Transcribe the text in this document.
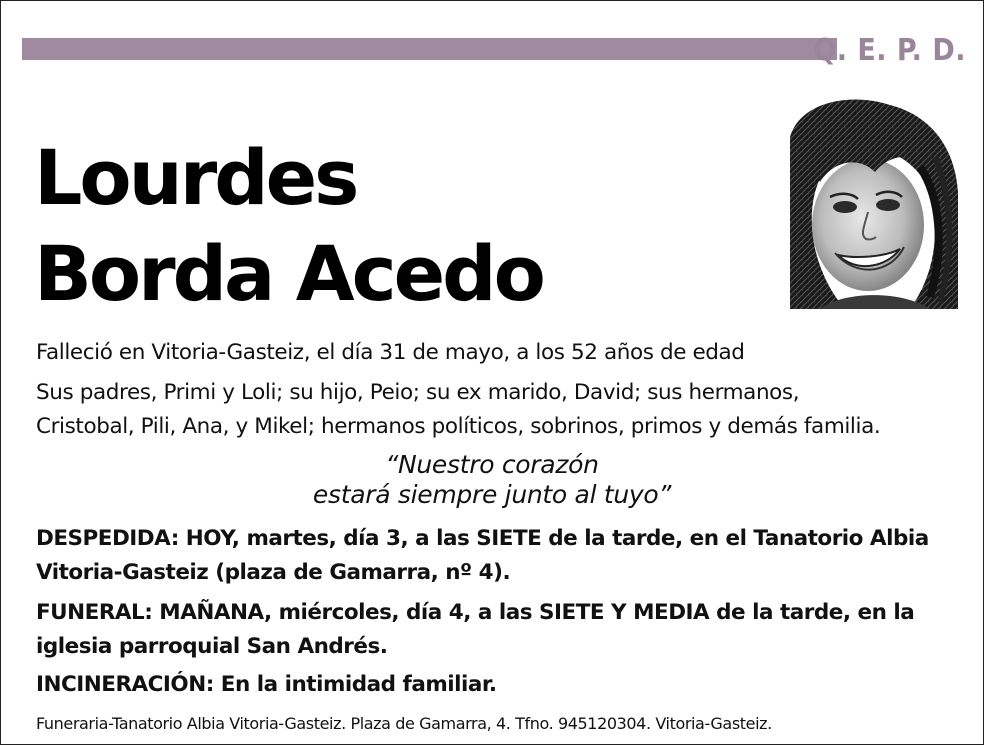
Q. E. P. D.
Lourdes
Borda Acedo
Falleció en Vitoria-Gasteiz, el día 31 de mayo, a los 52 años de edad
Sus padres, Primi y Loli; su hijo, Peio; su ex marido, David; sus hermanos,
Cristobal, Pili, Ana, y Mikel; hermanos políticos, sobrinos, primos y demás familia.
“Nuestro corazón
estará siempre junto al tuyo”
DESPEDIDA: HOY, martes, día 3, a las SIETE de la tarde, en el Tanatorio Albia
Vitoria-Gasteiz (plaza de Gamarra, nº 4).
FUNERAL: MAÑANA, miércoles, día 4, a las SIETE Y MEDIA de la tarde, en la
iglesia parroquial San Andrés.
INCINERACIÓN: En la intimidad familiar.
Funeraria-Tanatorio Albia Vitoria-Gasteiz. Plaza de Gamarra, 4. Tfno. 945120304. Vitoria-Gasteiz.
